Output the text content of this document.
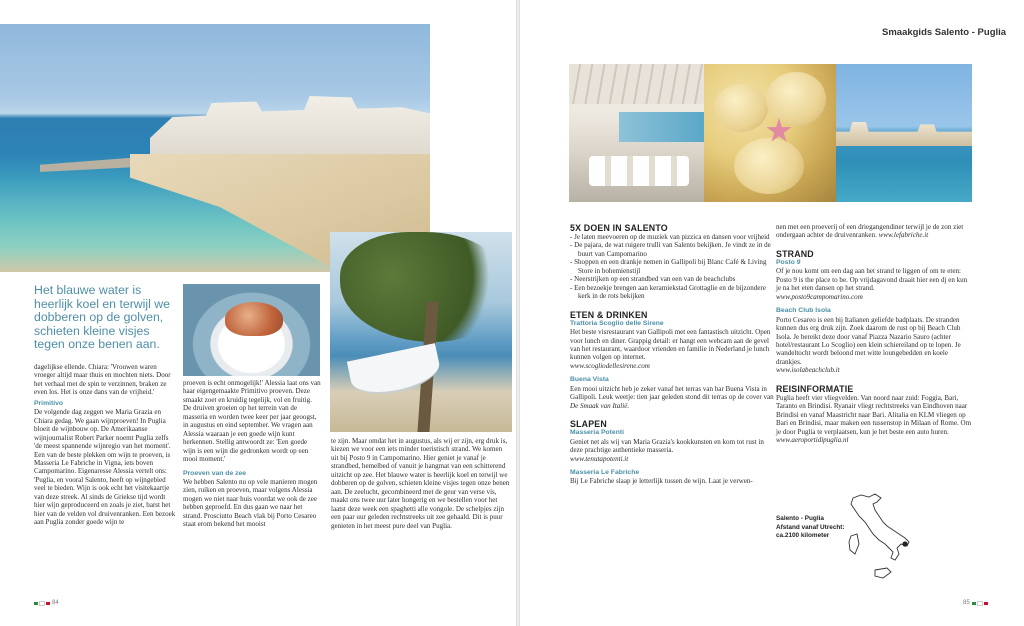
Smaakgids Salento - Puglia
84	85
Het blauwe water is heerlijk koel en terwijl we dobberen op de golven, schieten kleine visjes tegen onze benen aan.

dagelijkse ellende. Chiara: 'Vrouwen waren vroeger altijd maar thuis en mochten niets. Door het verhaal met de spin te verzinnen, braken ze even los. Het is onze dans van de vrijheid.'

Primitivo

De volgende dag zeggen we Maria Grazia en Chiara gedag. We gaan wijnproeven! In Puglia bloeit de wijnbouw op. De Amerikaanse wijnjournalist Robert Parker noemt Puglia zelfs 'de meest spannende wijnregio van het moment'. Een van de beste plekken om wijn te proeven, is Masseria Le Fabriche in Vigna, iets boven Campomarino. Eigenaresse Alessia vertelt ons: 'Puglia, en vooral Salento, heeft op wijngebied veel te bieden. Wijn is ook echt het visitekaartje van deze streek. Al sinds de Griekse tijd wordt hier wijn geproduceerd en zoals je ziet, barst het hier van de velden vol druivenranken. Een bezoek aan Puglia zonder goede wijn te

proeven is echt onmogelijk!' Alessia laat ons van haar eigengemaakte Primitivo proeven. Deze smaakt zoet en kruidig tegelijk, vol en fruitig. De druiven groeien op het terrein van de masseria en worden twee keer per jaar geoogst, in augustus en eind september. We vragen aan Alessia waaraan je een goede wijn kunt herkennen. Stellig antwoordt ze: 'Een goede wijn is een wijn die gedronken wordt op een mooi moment.'

Proeven van de zee

We hebben Salento nu op vele manieren mogen zien, ruiken en proeven, maar volgens Alessia mogen we niet naar huis voordat we ook de zee hebben geproefd. En dus gaan we naar het strand. Prosciutto Beach vlak bij Porto Cesareo staat erom bekend het mooist

te zijn. Maar omdat het in augustus, als wij er zijn, erg druk is, kiezen we voor een iets minder toeristisch strand. We komen uit bij Posto 9 in Campomarino. Hier geniet je vanaf je strandbed, hemelbed of vanuit je hangmat van een schitterend uitzicht op zee. Het blauwe water is heerlijk koel en terwijl we dobberen op de golven, schieten kleine visjes tegen onze benen aan. De zeelucht, gecombineerd met de geur van verse vis, maakt ons twee uur later hongerig en we bestellen voor het laatst deze week een spaghetti alle vongole. De schelpjes zijn een paar uur geleden rechtstreeks uit zee gehaald. Dit is puur genieten in het meest pure deel van Puglia.

5X DOEN IN SALENTO

- Je laten meevoeren op de muziek van pizzica en dansen voor vrijheid

- De pajara, de wat ruigere trulli van Salento bekijken. Je vindt ze in de buurt van Campomarino

- Shoppen en een drankje nemen in Gallipoli bij Blanc Café & Living Store in bohemienstijl

- Neerstrijken op een strandbed van een van de beachclubs

- Een bezoekje brengen aan keramiekstad Grottaglie en de bijzondere kerk in de rots bekijken

ETEN & DRINKEN

Trattoria Scoglio delle Sirene

Het beste visrestaurant van Gallipoli met een fantastisch uitzicht. Open voor lunch en diner. Grappig detail: er hangt een webcam aan de gevel van het restaurant, waardoor vrienden en familie in Nederland je lunch kunnen volgen op internet.

www.scogliodellesirene.com

Buena Vista

Een mooi uitzicht heb je zeker vanaf het terras van bar Buena Vista in Gallipoli. Leuk weetje: tien jaar geleden stond dit terras op de cover van De Smaak van Italië.

SLAPEN

Masseria Potenti

Geniet net als wij van Maria Grazia's kookkunsten en kom tot rust in deze prachtige authentieke masseria.

www.tenutapotenti.it

Masseria Le Fabriche

Bij Le Fabriche slaap je letterlijk tussen de wijn. Laat je verwen-

nen met een proeverij of een driegangendiner terwijl je de zon ziet ondergaan achter de druivenranken. www.lefabriche.it

STRAND

Posto 9

Of je nou komt om een dag aan het strand te liggen of om te eten: Posto 9 is the place to be. Op vrijdagavond draait hier een dj en kun je na het eten dansen op het strand.

www.posto9campomarino.com

Beach Club Isola

Porto Cesareo is een bij Italianen geliefde badplaats. De stranden kunnen dus erg druk zijn. Zoek daarom de rust op bij Beach Club Isola. Je bereikt deze door vanaf Piazza Nazario Sauro (achter hotel/restaurant Lo Scoglio) een klein schiereiland op te lopen. Je wandeltocht wordt beloond met witte loungebedden en koele drankjes.

www.isolabeachclub.it

REISINFORMATIE

Puglia heeft vier vliegvelden. Van noord naar zuid: Foggia, Bari, Taranto en Brindisi. Ryanair vliegt rechtstreeks van Eindhoven naar Brindisi en vanaf Maastricht naar Bari. Alitalia en KLM vliegen op Bari en Brindisi, maar maken een tussenstop in Milaan of Rome. Om je door Puglia te verplaatsen, kun je het beste een auto huren.

www.aeroportidipuglia.nl

Salento - Puglia
Afstand vanaf Utrecht:
ca.2100 kilometer
